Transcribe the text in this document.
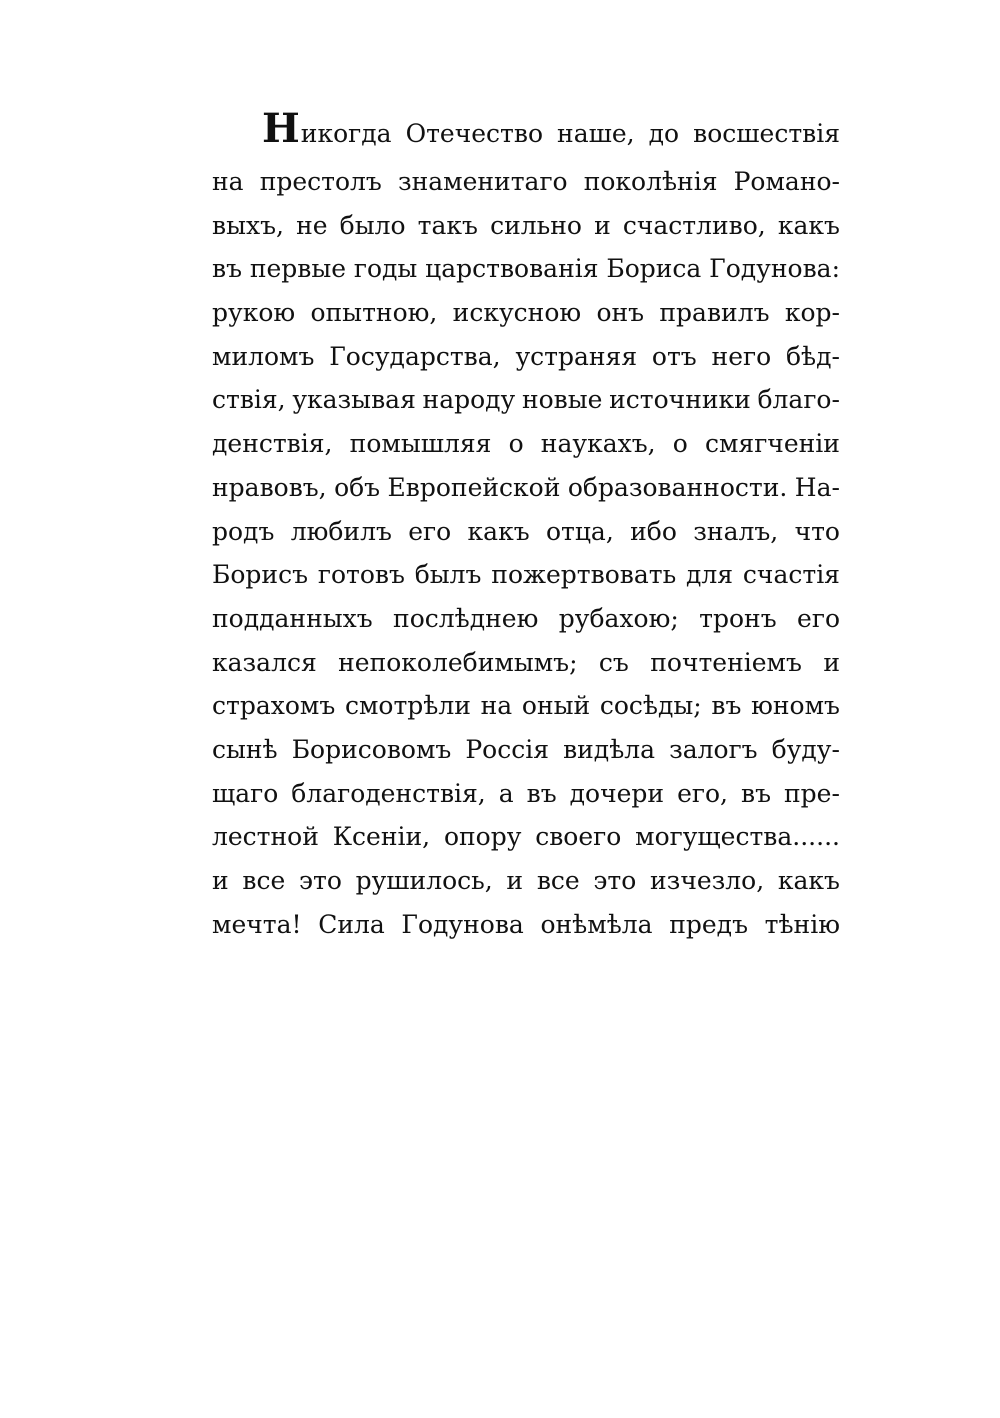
Никогда Отечество наше, до восшествія
на престолъ знаменитаго поколѣнія Романо-
выхъ, не было такъ сильно и счастливо, какъ
въ первые годы царствованія Бориса Годунова:
рукою опытною, искусною онъ правилъ кор-
миломъ Государства, устраняя отъ него бѣд-
ствія, указывая народу новые источники благо-
денствія, помышляя о наукахъ, о смягченіи
нравовъ, объ Европейской образованности. На-
родъ любилъ его какъ отца, ибо зналъ, что
Борисъ готовъ былъ пожертвовать для счастія
подданныхъ послѣднею рубахою; тронъ его
казался непоколебимымъ; съ почтеніемъ и
страхомъ смотрѣли на оный сосѣды; въ юномъ
сынѣ Борисовомъ Россія видѣла залогъ буду-
щаго благоденствія, а въ дочери его, въ пре-
лестной Ксеніи, опору своего могущества......
и все это рушилось, и все это изчезло, какъ
мечта! Сила Годунова онѣмѣла предъ тѣнію
